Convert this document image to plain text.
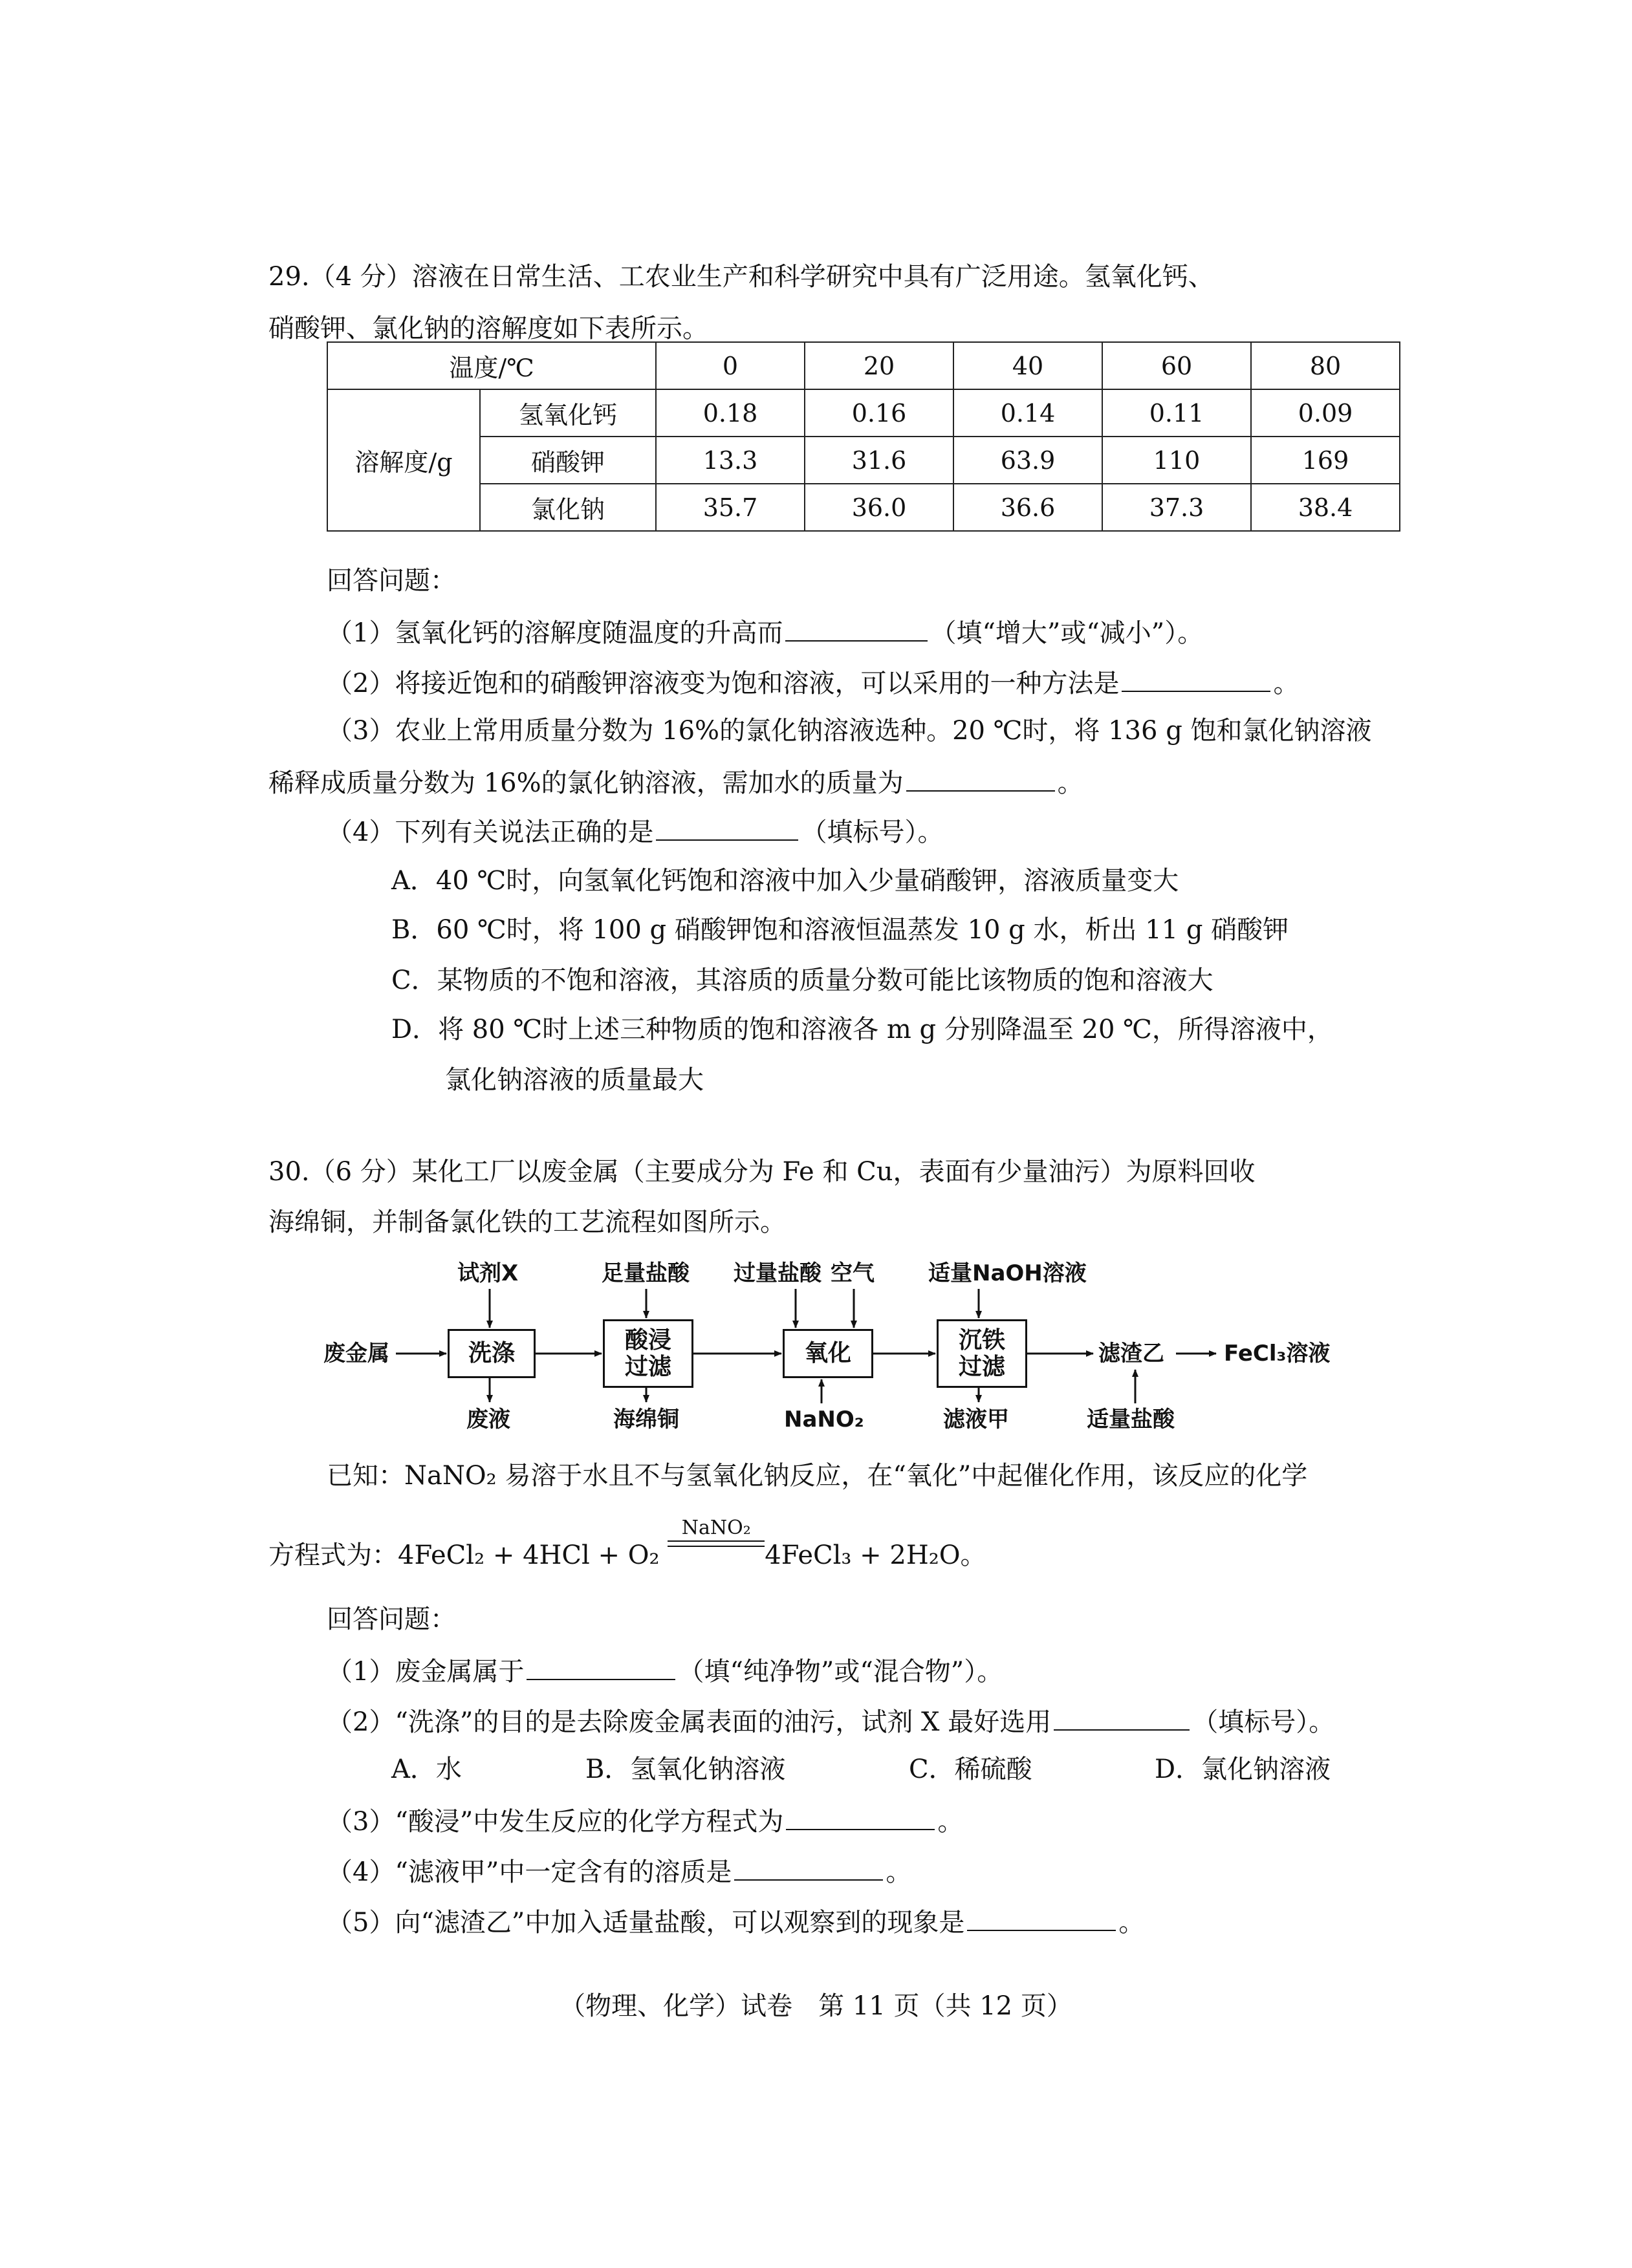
29.（4 分）溶液在日常生活、工农业生产和科学研究中具有广泛用途。氢氧化钙、
硝酸钾、氯化钠的溶解度如下表所示。
温度/℃		0	20	40	60	80
溶解度/g	氢氧化钙	0.18	0.16	0.14	0.11	0.09
	硝酸钾	13.3	31.6	63.9	110	169
	氯化钠	35.7	36.0	36.6	37.3	38.4
回答问题：
（1）氢氧化钙的溶解度随温度的升高而	（填“增大”或“减小”）。
（2）将接近饱和的硝酸钾溶液变为饱和溶液，可以采用的一种方法是	。
（3）农业上常用质量分数为 16%的氯化钠溶液选种。20 ℃时，将 136 g 饱和氯化钠溶液
稀释成质量分数为 16%的氯化钠溶液，需加水的质量为	。
（4）下列有关说法正确的是	（填标号）。
A．40 ℃时，向氢氧化钙饱和溶液中加入少量硝酸钾，溶液质量变大
B．60 ℃时，将 100 g 硝酸钾饱和溶液恒温蒸发 10 g 水，析出 11 g 硝酸钾
C．某物质的不饱和溶液，其溶质的质量分数可能比该物质的饱和溶液大
D．将 80 ℃时上述三种物质的饱和溶液各 m g 分别降温至 20 ℃，所得溶液中，
氯化钠溶液的质量最大
30.（6 分）某化工厂以废金属（主要成分为 Fe 和 Cu，表面有少量油污）为原料回收
海绵铜，并制备氯化铁的工艺流程如图所示。
废金属	洗涤
酸浸
过滤
氧化
沉铁
过滤	滤渣乙	FeCl₃溶液
试剂X	足量盐酸 过量盐酸 空气 适量NaOH溶液
废液	海绵铜	NaNO₂	滤液甲	适量盐酸
已知：NaNO₂ 易溶于水且不与氢氧化钠反应，在“氧化”中起催化作用，该反应的化学
方程式为：4FeCl₂ + 4HCl + O₂
NaNO₂
4FeCl₃ + 2H₂O。
回答问题：
（1）废金属属于	（填“纯净物”或“混合物”）。
（2）“洗涤”的目的是去除废金属表面的油污，试剂 X 最好选用	（填标号）。
A．水	B．氢氧化钠溶液	C．稀硫酸	D．氯化钠溶液
（3）“酸浸”中发生反应的化学方程式为	。
（4）“滤液甲”中一定含有的溶质是	。
（5）向“滤渣乙”中加入适量盐酸，可以观察到的现象是	。
（物理、化学）试卷　第 11 页（共 12 页）
